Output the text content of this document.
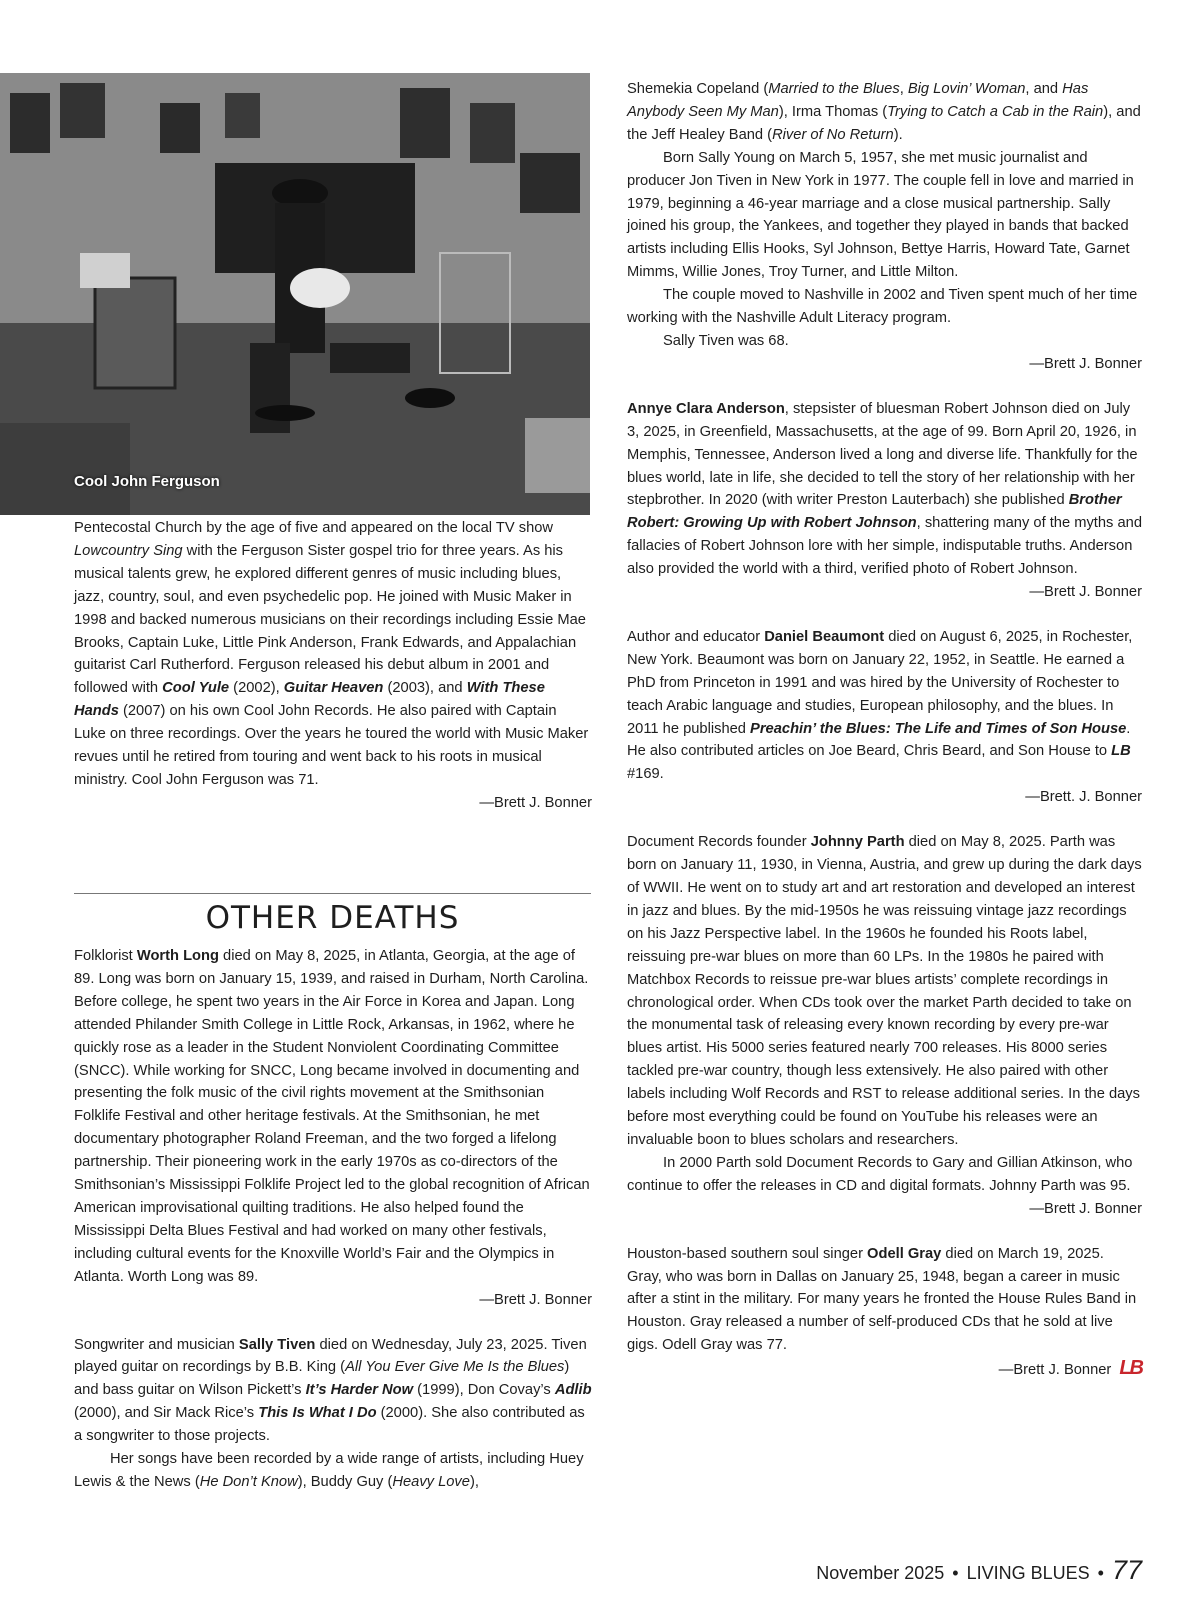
Cool John Ferguson

Pentecostal Church by the age of five and appeared on the local TV show Lowcountry Sing with the Ferguson Sister gospel trio for three years. As his musical talents grew, he explored different genres of music including blues, jazz, country, soul, and even psychedelic pop. He joined with Music Maker in 1998 and backed numerous musicians on their recordings including Essie Mae Brooks, Captain Luke, Little Pink Anderson, Frank Edwards, and Appalachian guitarist Carl Rutherford. Ferguson released his debut album in 2001 and followed with Cool Yule (2002), Guitar Heaven (2003), and With These Hands (2007) on his own Cool John Records. He also paired with Captain Luke on three recordings. Over the years he toured the world with Music Maker revues until he retired from touring and went back to his roots in musical ministry. Cool John Ferguson was 71.

—Brett J. Bonner

OTHER DEATHS

Folklorist Worth Long died on May 8, 2025, in Atlanta, Georgia, at the age of 89. Long was born on January 15, 1939, and raised in Durham, North Carolina. Before college, he spent two years in the Air Force in Korea and Japan. Long attended Philander Smith College in Little Rock, Arkansas, in 1962, where he quickly rose as a leader in the Student Nonviolent Coordinating Committee (SNCC). While working for SNCC, Long became involved in documenting and presenting the folk music of the civil rights movement at the Smithsonian Folklife Festival and other heritage festivals. At the Smithsonian, he met documentary photographer Roland Freeman, and the two forged a lifelong partnership. Their pioneering work in the early 1970s as co-directors of the Smithsonian’s Mississippi Folklife Project led to the global recognition of African American improvisational quilting traditions. He also helped found the Mississippi Delta Blues Festival and had worked on many other festivals, including cultural events for the Knoxville World’s Fair and the Olympics in Atlanta. Worth Long was 89.

—Brett J. Bonner

Songwriter and musician Sally Tiven died on Wednesday, July 23, 2025. Tiven played guitar on recordings by B.B. King (All You Ever Give Me Is the Blues) and bass guitar on Wilson Pickett’s It’s Harder Now (1999), Don Covay’s Adlib (2000), and Sir Mack Rice’s This Is What I Do (2000). She also contributed as a songwriter to those projects.

Her songs have been recorded by a wide range of artists, including Huey Lewis & the News (He Don’t Know), Buddy Guy (Heavy Love),

Shemekia Copeland (Married to the Blues, Big Lovin’ Woman, and Has Anybody Seen My Man), Irma Thomas (Trying to Catch a Cab in the Rain), and the Jeff Healey Band (River of No Return).

Born Sally Young on March 5, 1957, she met music journalist and producer Jon Tiven in New York in 1977. The couple fell in love and married in 1979, beginning a 46-year marriage and a close musical partnership. Sally joined his group, the Yankees, and together they played in bands that backed artists including Ellis Hooks, Syl Johnson, Bettye Harris, Howard Tate, Garnet Mimms, Willie Jones, Troy Turner, and Little Milton.

The couple moved to Nashville in 2002 and Tiven spent much of her time working with the Nashville Adult Literacy program.

Sally Tiven was 68.

—Brett J. Bonner

Annye Clara Anderson, stepsister of bluesman Robert Johnson died on July 3, 2025, in Greenfield, Massachusetts, at the age of 99. Born April 20, 1926, in Memphis, Tennessee, Anderson lived a long and diverse life. Thankfully for the blues world, late in life, she decided to tell the story of her relationship with her stepbrother. In 2020 (with writer Preston Lauterbach) she published Brother Robert: Growing Up with Robert Johnson, shattering many of the myths and fallacies of Robert Johnson lore with her simple, indisputable truths. Anderson also provided the world with a third, verified photo of Robert Johnson.

—Brett J. Bonner

Author and educator Daniel Beaumont died on August 6, 2025, in Rochester, New York. Beaumont was born on January 22, 1952, in Seattle. He earned a PhD from Princeton in 1991 and was hired by the University of Rochester to teach Arabic language and studies, European philosophy, and the blues. In 2011 he published Preachin’ the Blues: The Life and Times of Son House. He also contributed articles on Joe Beard, Chris Beard, and Son House to LB #169.

—Brett. J. Bonner

Document Records founder Johnny Parth died on May 8, 2025. Parth was born on January 11, 1930, in Vienna, Austria, and grew up during the dark days of WWII. He went on to study art and art restoration and developed an interest in jazz and blues. By the mid-1950s he was reissuing vintage jazz recordings on his Jazz Perspective label. In the 1960s he founded his Roots label, reissuing pre-war blues on more than 60 LPs. In the 1980s he paired with Matchbox Records to reissue pre-war blues artists’ complete recordings in chronological order. When CDs took over the market Parth decided to take on the monumental task of releasing every known recording by every pre-war blues artist. His 5000 series featured nearly 700 releases. His 8000 series tackled pre-war country, though less extensively. He also paired with other labels including Wolf Records and RST to release additional series. In the days before most everything could be found on YouTube his releases were an invaluable boon to blues scholars and researchers.

In 2000 Parth sold Document Records to Gary and Gillian Atkinson, who continue to offer the releases in CD and digital formats. Johnny Parth was 95.

—Brett J. Bonner

Houston-based southern soul singer Odell Gray died on March 19, 2025. Gray, who was born in Dallas on January 25, 1948, began a career in music after a stint in the military. For many years he fronted the House Rules Band in Houston. Gray released a number of self-produced CDs that he sold at live gigs. Odell Gray was 77.

—Brett J. Bonner LB

November 2025 • LIVING BLUES • 77
